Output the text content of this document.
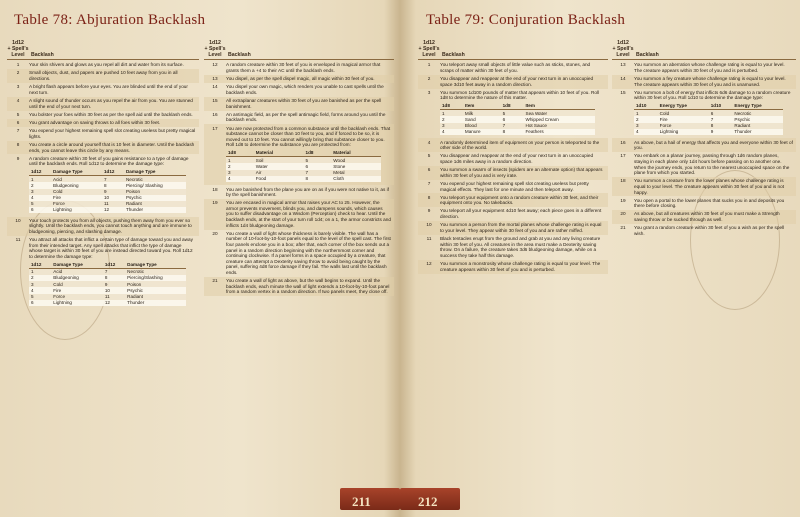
Table 78: Abjuration Backlash
1d12
+ Spell's
Level	Backlash
1	Your skin shivers and glows as you repel all dirt and water from its surface.
2	Small objects, dust, and papers are pushed 10 feet away from you in all directions.
3	A bright flash appears before your eyes. You are blinded until the end of your next turn.
4	A slight sound of thunder occurs as you repel the air from you. You are stunned until the end of your next turn.
5	You bolster your foes within 30 feet as per the spell aid until the backlash ends.
6	You grant advantage on saving throws to all foes within 30 feet.
7	You expend your highest remaining spell slot creating useless but pretty magical lights.
8	You create a circle around yourself that is 10 feet in diameter. Until the backlash ends, you cannot leave this circle by any means.
9	A random creature within 30 feet of you gains resistance to a type of damage until the backlash ends. Roll 1d12 to determine the damage type:
1d12	Damage Type	1d12	Damage Type
1	Acid	7	Necrotic
2	Bludgeoning	8	Piercing/ Slashing
3	Cold	9	Poison
4	Fire	10	Psychic
5	Force	11	Radiant
6	Lightning	12	Thunder
10	Your touch protects you from all objects, pushing them away from you ever so slightly. Until the backlash ends, you cannot touch anything and are immune to bludgeoning, piercing, and slashing damage.
11	You attract all attacks that inflict a certain type of damage toward you and away from their intended target. Any spell attacks that inflict the type of damage whose target is within 30 feet of you are instead directed toward you. Roll 1d12 to determine the damage type:
1d12	Damage Type	1d12	Damage Type
1	Acid	7	Necrotic
2	Bludgeoning	8	Piercing/Slashing
3	Cold	9	Poison
4	Fire	10	Psychic
5	Force	11	Radiant
6	Lightning	12	Thunder
1d12
+ Spell's
Level	Backlash
12	A random creature within 30 feet of you is enveloped in magical armor that grants them a +4 to their AC until the backlash ends.
13	You dispel, as per the spell dispel magic, all magic within 30 feet of you.
14	You dispel your own magic, which renders you unable to cast spells until the backlash ends.
15	All extraplanar creatures within 30 feet of you are banished as per the spell banishment.
16	An antimagic field, as per the spell antimagic field, forms around you until the backlash ends.
17	You are now protected from a common substance until the backlash ends. That substance cannot be closer than 10 feet to you, and if forced to be so, it is moved out to 10 feet. You cannot willingly bring that substance closer to you. Roll 1d8 to determine the substance you are protected from:
1d8	Material	1d8	Material
1	Soil	5	Wood
2	Water	6	Stone
3	Air	7	Metal
4	Food	8	Cloth
18	You are banished from the plane you are on as if you were not native to it, as if by the spell banishment.
19	You are encased in magical armor that raises your AC to 25. However, the armor prevents movement, blinds you, and dampens sounds, which causes you to suffer disadvantage on a Wisdom (Perception) check to hear. Until the backlash ends, at the start of your turn roll 1d4; on a 1, the armor constricts and inflicts 1d4 bludgeoning damage.
20	You create a wall of light whose thickness is barely visible. The wall has a number of 10-foot-by-10-foot panels equal to the level of the spell cast. The first four panels enclose you in a box; after that, each corner of the box sends out a panel in a random direction beginning with the northernmost corner and continuing clockwise. If a panel forms in a space occupied by a creature, that creature can attempt a Dexterity saving throw to avoid being caught by the panel, suffering 4d8 force damage if they fail. The walls last until the backlash ends.
21	You create a wall of light as above, but the wall begins to expand. Until the backlash ends, each minute the wall of light extends a 10-foot-by-10-foot panel from a random vertex in a random direction. If two panels meet, they close off.
211
Table 79: Conjuration Backlash
1d12
+ Spell's
Level	Backlash
1	You teleport away small objects of little value such as sticks, stones, and scraps of matter within 30 feet of you.
2	You disappear and reappear at the end of your next turn in an unoccupied space 3d10 feet away in a random direction.
3	You summon 1d100 pounds of matter that appears within 10 feet of you. Roll 1d8 to determine the nature of this matter.
1d8	Item	1d8	Item
1	Milk	5	Sea Water
2	Sand	6	Whipped Cream
3	Blood	7	Hot Sauce
4	Manure	8	Feathers
4	A randomly determined item of equipment on your person is teleported to the other side of the world.
5	You disappear and reappear at the end of your next turn in an unoccupied space 1d6 miles away in a random direction.
6	You summon a swarm of insects (spiders are an alternate option) that appears within 30 feet of you and is very irate.
7	You expend your highest remaining spell slot creating useless but pretty magical effects. They last for one minute and then teleport away.
8	You teleport your equipment onto a random creature within 30 feet, and their equipment onto you. No takebacks.
9	You teleport all your equipment 4d10 feet away; each piece goes in a different direction.
10	You summon a person from the mortal planes whose challenge rating is equal to your level. They appear within 30 feet of you and are rather miffed.
11	Black tentacles erupt from the ground and grab at you and any living creature within 30 feet of you. All creatures in the area must make a Dexterity saving throw. On a failure, the creature takes 3d6 bludgeoning damage, while on a success they take half this damage.
12	You summon a monstrosity whose challenge rating is equal to your level. The creature appears within 30 feet of you and is perturbed.
1d12
+ Spell's
Level	Backlash
13	You summon an aberration whose challenge rating is equal to your level. The creature appears within 30 feet of you and is perturbed.
14	You summon a fey creature whose challenge rating is equal to your level. The creature appears within 30 feet of you and is unamused.
15	You summon a bolt of energy that inflicts 6d6 damage to a random creature within 30 feet of you. Roll 1d10 to determine the damage type:
1d10	Energy Type	1d10	Energy Type
1	Cold	6	Necrotic
2	Fire	7	Psychic
3	Force	8	Radiant
4	Lightning	9	Thunder
16	As above, but a hail of energy that affects you and everyone within 30 feet of you.
17	You embark on a planar journey, passing through 1d6 random planes, staying in each plane only 1d4 hours before passing on to another one. When the journey ends, you return to the nearest unoccupied space on the plane from which you started.
18	You summon a creature from the lower planes whose challenge rating is equal to your level. The creature appears within 30 feet of you and is not happy.
19	You open a portal to the lower planes that sucks you in and deposits you there before closing.
20	As above, but all creatures within 30 feet of you must make a Strength saving throw or be sucked through as well.
21	You grant a random creature within 30 feet of you a wish as per the spell wish.
212
